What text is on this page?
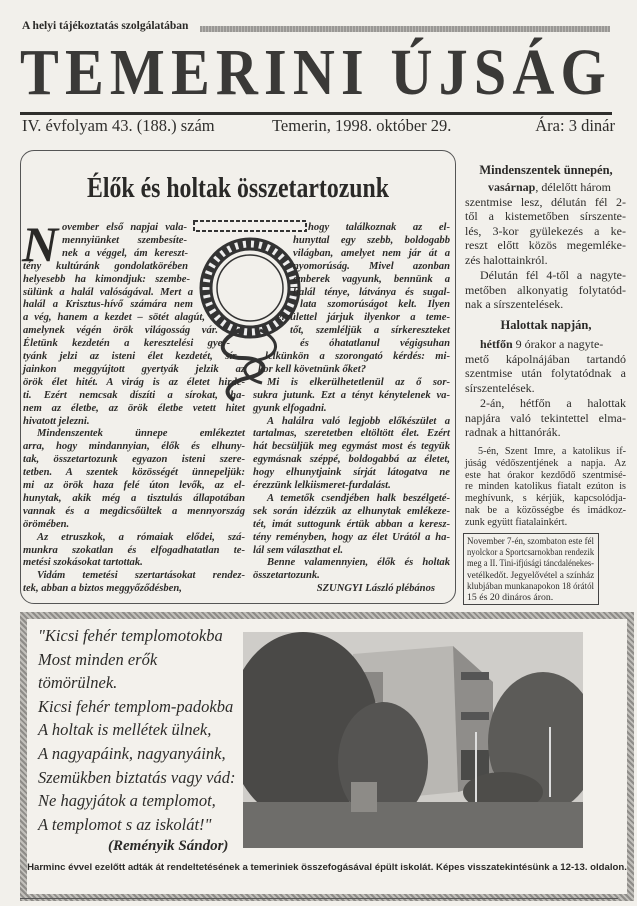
A helyi tájékoztatás szolgálatában
TEMERINI ÚJSÁG
IV. évfolyam 43. (188.) szám	Temerin, 1998. október 29.	Ára: 3 dinár
Élők és holtak összetartozunk
N ovember első napjai vala-
mennyiünket szembesíte-
nek a véggel, ám kereszt-
tény kultúránk gondolatkörében
helyesebb ha kimondjuk: szembe-
sülünk a halál valóságával. Mert a
halál a Krisztus-hívő számára nem
a vég, hanem a kezdet – sötét alagút,
amelynek végén örök világosság vár.
Életünk kezdetén a keresztelési gyer-
tyánk jelzi az isteni élet kezdetét, sír-
jainkon meggyújtott gyertyák jelzik az
örök élet hitét. A virág is az életet hirde-
ti. Ezért nemcsak díszíti a sírokat, ha-
nem az életbe, az örök életbe vetett hitet
hivatott jelezni.
Mindenszentek ünnepe emlékeztet
arra, hogy mindannyian, élők és elhuny-
tak, összetartozunk egyazon isteni szere-
tetben. A szentek közösségét ünnepeljük:
mi az örök haza felé úton levők, az el-
hunytak, akik még a tisztulás állapotában
vannak és a megdicsőültek a mennyország
örömében.
Az etruszkok, a rómaiak elődei, szá-
munkra szokatlan és elfogadhatatlan te-
metési szokásokat tartottak.
Vidám temetési szertartásokat rendez-
tek, abban a biztos meggyőződésben,
hogy találkoznak az el-
hunyttal egy szebb, boldogabb
világban, amelyet nem jár át a
nyomorúság. Mivel azonban
emberek vagyunk, bennünk a
halál ténye, látványa és sugal-
lata szomorúságot kelt. Ilyen
érzülettel járjuk ilyenkor a teme-
tőt, szemléljük a sírkereszteket
és óhatatlanul végigsuhan
lelkünkön a szorongató kérdés: mi-
kor kell követnünk őket?
Mi is elkerülhetetlenül az ő sor-
sukra jutunk. Ezt a tényt kénytelenek va-
gyunk elfogadni.
A halálra való legjobb előkészület a
tartalmas, szeretetben eltöltött élet. Ezért
hát becsüljük meg egymást most és tegyük
egymásnak széppé, boldogabbá az életet,
hogy elhunytjaink sírját látogatva ne
érezzünk lelkiismeret-furdalást.
A temetők csendjében halk beszélgeté-
sek során idézzük az elhunytak emlékeze-
tét, imát suttogunk értük abban a keresz-
tény reményben, hogy az élet Urától a ha-
lál sem választhat el.
Benne valamennyien, élők és holtak
összetartozunk.
SZUNGYI László plébános
Mindenszentek ünnepén,
Halottak napján,
vasárnap, délelőtt három
szentmise lesz, délután fél 2-
től a kistemetőben sírszente-
lés, 3-kor gyülekezés a ke-
reszt előtt közös megemléke-
zés halottainkról.
Délután fél 4-től a nagyte-
metőben alkonyatig folytatód-
nak a sírszentelések.
hétfőn 9 órakor a nagyte-
mető kápolnájában tartandó
szentmise után folytatódnak a
sírszentelések.
2-án, hétfőn a halottak
napjára való tekintettel elma-
radnak a hittanórák.
5-én, Szent Imre, a katolikus if-
júság védőszentjének a napja. Az
este hat órakor kezdődő szentmisé-
re minden katolikus fiatalt ezúton is
meghívunk, s kérjük, kapcsolódja-
nak be a közösségbe és imádkoz-
zunk együtt fiatalainkért.
November 7-én, szombaton este fél
nyolckor a Sportcsarnokban rendezik
meg a II. Tini-ifjúsági táncdalénekes-
vetélkedőt. Jegyelővétel a színház
klubjában munkanapokon 18 órától
15 és 20 dináros áron.
"Kicsi fehér templomotokba
Most minden erők
tömörülnek.
Kicsi fehér templom-padokba
A holtak is mellétek ülnek,
A nagyapáink, nagyanyáink,
Szemükben biztatás vagy vád:
Ne hagyjátok a templomot,
A templomot s az iskolát!"
(Reményik Sándor)
Harminc évvel ezelőtt adták át rendeltetésének a temeriniek összefogásával épült iskolát. Képes visszatekintésünk a 12-13. oldalon.
